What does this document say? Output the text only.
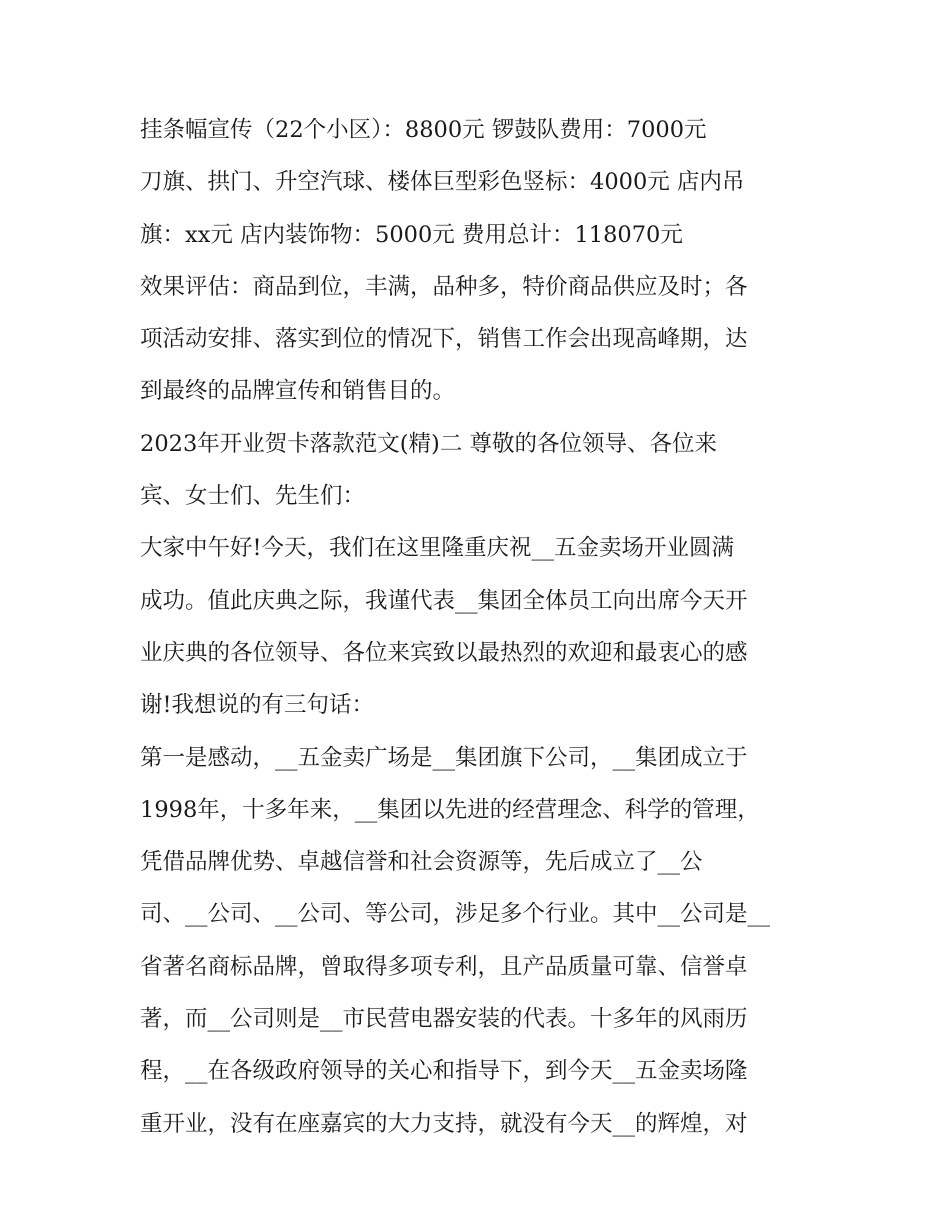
挂条幅宣传（22个小区）：8800元 锣鼓队费用：7000元
刀旗、拱门、升空汽球、楼体巨型彩色竖标：4000元 店内吊
旗：xx元 店内装饰物：5000元 费用总计：118070元
效果评估：商品到位，丰满，品种多，特价商品供应及时；各
项活动安排、落实到位的情况下，销售工作会出现高峰期，达
到最终的品牌宣传和销售目的。
2023年开业贺卡落款范文(精)二 尊敬的各位领导、各位来
宾、女士们、先生们：
大家中午好!今天，我们在这里隆重庆祝__五金卖场开业圆满
成功。值此庆典之际，我谨代表__集团全体员工向出席今天开
业庆典的各位领导、各位来宾致以最热烈的欢迎和最衷心的感
谢!我想说的有三句话：
第一是感动，__五金卖广场是__集团旗下公司，__集团成立于
1998年，十多年来，__集团以先进的经营理念、科学的管理，
凭借品牌优势、卓越信誉和社会资源等，先后成立了__公
司、__公司、__公司、等公司，涉足多个行业。其中__公司是__
省著名商标品牌，曾取得多项专利，且产品质量可靠、信誉卓
著，而__公司则是__市民营电器安装的代表。十多年的风雨历
程，__在各级政府领导的关心和指导下，到今天__五金卖场隆
重开业，没有在座嘉宾的大力支持，就没有今天__的辉煌，对
